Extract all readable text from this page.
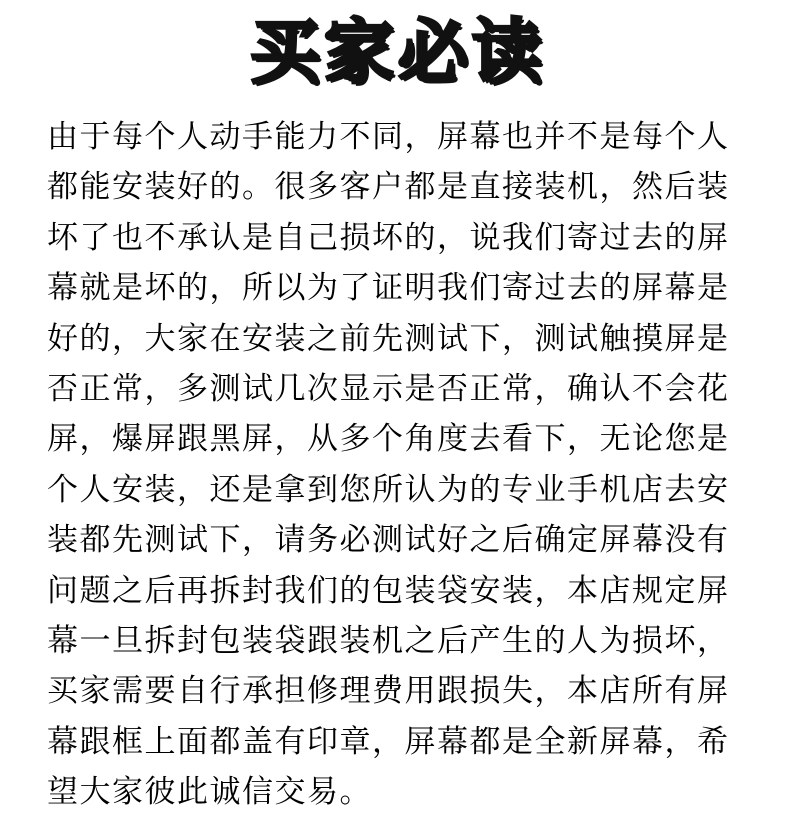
买家必读
由于每个人动手能力不同，屏幕也并不是每个人
都能安装好的。很多客户都是直接装机，然后装
坏了也不承认是自己损坏的，说我们寄过去的屏
幕就是坏的，所以为了证明我们寄过去的屏幕是
好的，大家在安装之前先测试下，测试触摸屏是
否正常，多测试几次显示是否正常，确认不会花
屏，爆屏跟黑屏，从多个角度去看下，无论您是
个人安装，还是拿到您所认为的专业手机店去安
装都先测试下，请务必测试好之后确定屏幕没有
问题之后再拆封我们的包装袋安装，本店规定屏
幕一旦拆封包装袋跟装机之后产生的人为损坏，
买家需要自行承担修理费用跟损失，本店所有屏
幕跟框上面都盖有印章，屏幕都是全新屏幕，希
望大家彼此诚信交易。
